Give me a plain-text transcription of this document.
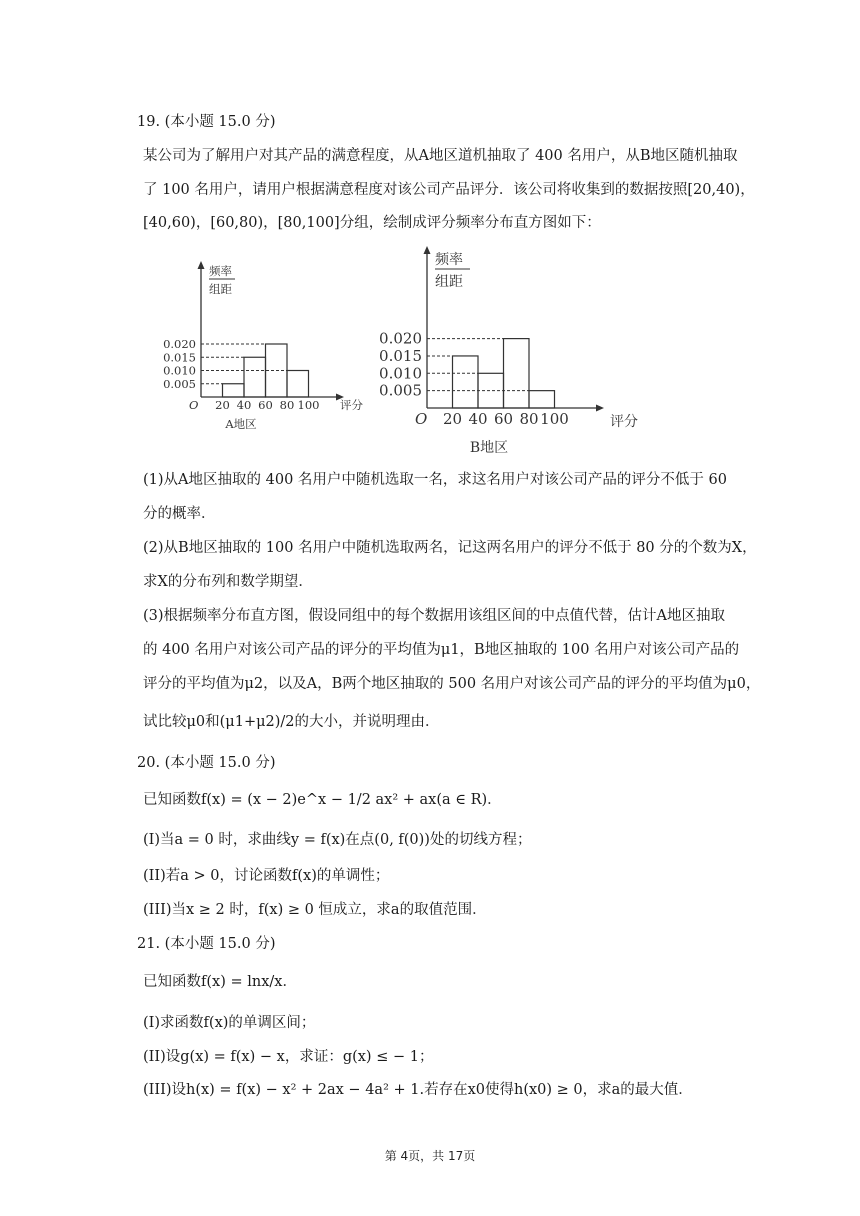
19. (本小题 15.0 分)
某公司为了解用户对其产品的满意程度，从A地区道机抽取了 400 名用户，从B地区随机抽取
了 100 名用户，请用户根据满意程度对该公司产品评分．该公司将收集到的数据按照[20,40)，
[40,60)，[60,80)，[80,100]分组，绘制成评分频率分布直方图如下：
频率
组距
O
0.005
0.010
0.015
0.020
20 40 60 80 100 评分
A地区
频率
组距
O
0.005
0.010
0.015
0.020
20 40 60 80 100	评分
B地区
(1)从A地区抽取的 400 名用户中随机选取一名，求这名用户对该公司产品的评分不低于 60
分的概率．
(2)从B地区抽取的 100 名用户中随机选取两名，记这两名用户的评分不低于 80 分的个数为X，
求X的分布列和数学期望．
(3)根据频率分布直方图，假设同组中的每个数据用该组区间的中点值代替，估计A地区抽取
的 400 名用户对该公司产品的评分的平均值为μ1，B地区抽取的 100 名用户对该公司产品的
评分的平均值为μ2，以及A，B两个地区抽取的 500 名用户对该公司产品的评分的平均值为μ0，
试比较μ0和(μ1+μ2)/2的大小，并说明理由．
20. (本小题 15.0 分)
已知函数f(x) = (x − 2)e^x − 1/2 ax² + ax(a ∈ R)．
(I)当a = 0 时，求曲线y = f(x)在点(0, f(0))处的切线方程；
(II)若a > 0，讨论函数f(x)的单调性；
(III)当x ≥ 2 时，f(x) ≥ 0 恒成立，求a的取值范围．
21. (本小题 15.0 分)
已知函数f(x) = lnx/x．
(I)求函数f(x)的单调区间；
(II)设g(x) = f(x) − x，求证：g(x) ≤ − 1；
(III)设h(x) = f(x) − x² + 2ax − 4a² + 1.若存在x0使得h(x0) ≥ 0，求a的最大值．
第 4页，共 17页
